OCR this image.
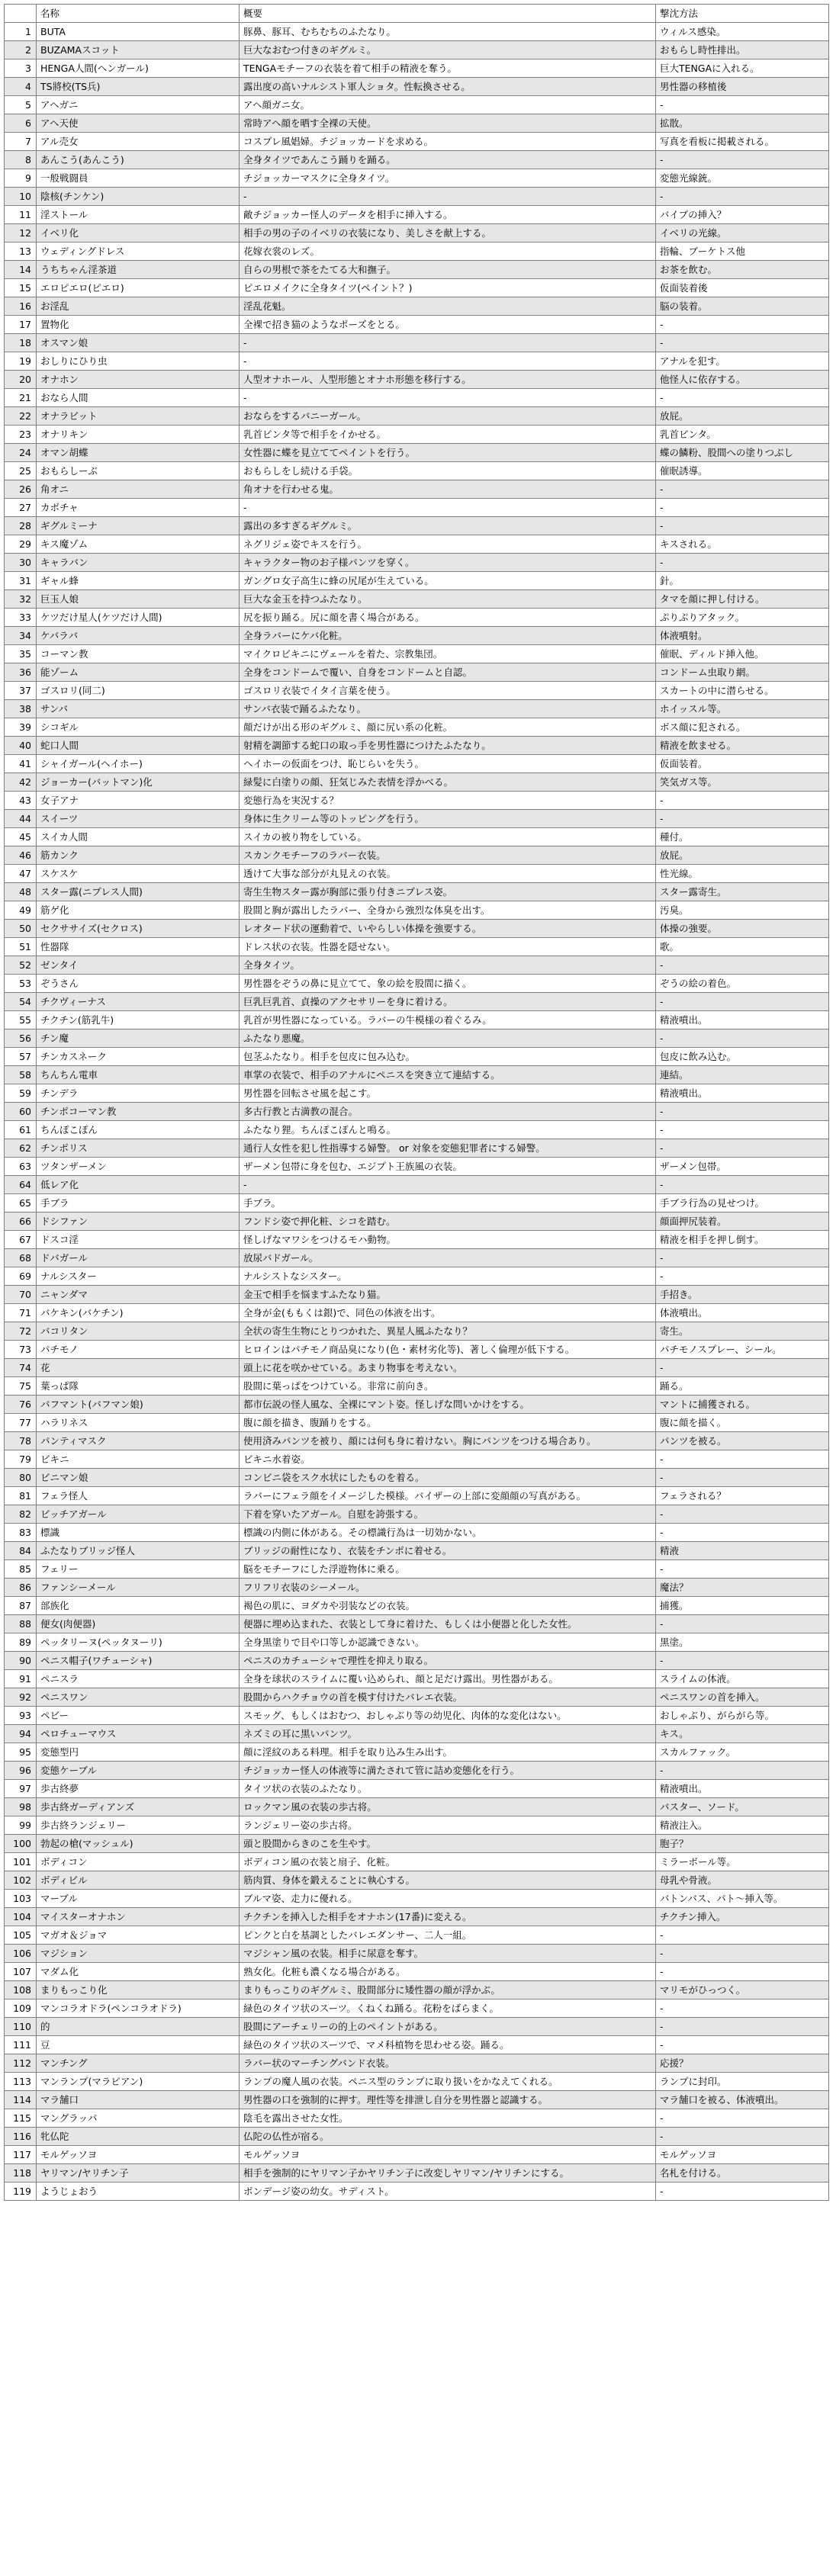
	名称	概要	撃沈方法
1	BUTA	豚鼻、豚耳、むちむちのふたなり。	ウィルス感染。
2	BUZAMAスコット	巨大なおむつ付きのギグルミ。	おもらし時性排出。
3	HENGA人間(ヘンガール)	TENGAモチーフの衣装を着て相手の精液を奪う。	巨大TENGAに入れる。
4	TS將校(TS兵)	露出度の高いナルシスト軍人ショタ。性転換させる。	男性器の移植後
5	アヘガニ	アヘ顔ガニ女。	-
6	アヘ天使	常時アヘ顔を晒す全裸の天使。	拡散。
7	アル売女	コスプレ風娼婦。チジョッカードを求める。	写真を看板に掲載される。
8	あんこう(あんこう)	全身タイツであんこう踊りを踊る。	-
9	一般戦闘員	チジョッカーマスクに全身タイツ。	変態光線銃。
10	陰核(チンケン)	-	-
11	淫ストール	敵チジョッカー怪人のデータを相手に挿入する。	バイブの挿入？
12	イベリ化	相手の男の子のイベリの衣装になり、美しさを献上する。	イベリの光線。
13	ウェディングドレス	花嫁衣裳のレズ。	指輪、ブーケトス他
14	うちちゃん淫茶道	自らの男根で茶をたてる大和撫子。	お茶を飲む。
15	エロピエロ(ピエロ)	ピエロメイクに全身タイツ(ペイント？)	仮面装着後
16	お淫乱	淫乱花魁。	脳の装着。
17	置物化	全裸で招き猫のようなポーズをとる。	-
18	オスマン娘	-	-
19	おしりにひり虫	-	アナルを犯す。
20	オナホン	人型オナホール、人型形態とオナホ形態を移行する。	他怪人に依存する。
21	おなら人間	-	-
22	オナラビット	おならをするバニーガール。	放屁。
23	オナリキン	乳首ビンタ等で相手をイかせる。	乳首ビンタ。
24	オマン胡蝶	女性器に蝶を見立ててペイントを行う。	蝶の鱗粉、股間への塗りつぶし
25	おもらしーぶ	おもらしをし続ける手袋。	催眠誘導。
26	角オニ	角オナを行わせる鬼。	-
27	カボチャ	-	-
28	ギグルミーナ	露出の多すぎるギグルミ。	-
29	キス魔ゾム	ネグリジェ姿でキスを行う。	キスされる。
30	キャラバン	キャラクター物のお子様パンツを穿く。	-
31	ギャル蜂	ガングロ女子高生に蜂の尻尾が生えている。	針。
32	巨玉人娘	巨大な金玉を持つふたなり。	タマを顔に押し付ける。
33	ケツだけ星人(ケツだけ人間)	尻を振り踊る。尻に顔を書く場合がある。	ぷりぷりアタック。
34	ケバラバ	全身ラバーにケバ化粧。	体液噴射。
35	コーマン教	マイクロビキニにヴェールを着た、宗教集団。	催眠、ディルド挿入他。
36	能ゾーム	全身をコンドームで覆い、自身をコンドームと自認。	コンドーム虫取り網。
37	ゴスロリ(同二)	ゴスロリ衣装でイタイ言葉を使う。	スカートの中に潜らせる。
38	サンバ	サンバ衣装で踊るふたなり。	ホイッスル等。
39	シコギル	顔だけが出る形のギグルミ、顔に尻い系の化粧。	ボス顔に犯される。
40	蛇口人間	射精を調節する蛇口の取っ手を男性器につけたふたなり。	精液を飲ませる。
41	シャイガール(ヘイホー)	ヘイホーの仮面をつけ、恥じらいを失う。	仮面装着。
42	ジョーカー(バットマン)化	緑髪に白塗りの顔、狂気じみた表情を浮かべる。	笑気ガス等。
43	女子アナ	変態行為を実況する？	-
44	スイーツ	身体に生クリーム等のトッピングを行う。	-
45	スイカ人間	スイカの被り物をしている。	種付。
46	筋カンク	スカンクモチーフのラバー衣装。	放屁。
47	スケスケ	透けて大事な部分が丸見えの衣装。	性光線。
48	スター露(ニプレス人間)	寄生生物スター露が胸部に張り付きニプレス姿。	スター露寄生。
49	筋ゲ化	股間と胸が露出したラバー、全身から強烈な体臭を出す。	汚臭。
50	セクササイズ(セクロス)	レオタード状の運動着で、いやらしい体操を強要する。	体操の強要。
51	性器隊	ドレス状の衣装。性器を隠せない。	歌。
52	ゼンタイ	全身タイツ。	-
53	ぞうさん	男性器をぞうの鼻に見立てて、象の絵を股間に描く。	ぞうの絵の着色。
54	チクヴィーナス	巨乳巨乳首、貞操のアクセサリーを身に着ける。	-
55	チクチン(筋乳牛)	乳首が男性器になっている。ラバーの牛模様の着ぐるみ。	精液噴出。
56	チン魔	ふたなり悪魔。	-
57	チンカスネーク	包茎ふたなり。相手を包皮に包み込む。	包皮に飲み込む。
58	ちんちん電車	車掌の衣装で、相手のアナルにペニスを突き立て連結する。	連結。
59	チンデラ	男性器を回転させ風を起こす。	精液噴出。
60	チンポコーマン教	多古行教と古満教の混合。	-
61	ちんぽこぽん	ふたなり狸。ちんぽこぽんと鳴る。	-
62	チンポリス	通行人女性を犯し性指導する婦警。 or 対象を変態犯罪者にする婦警。	-
63	ツタンザーメン	ザーメン包帯に身を包む、エジプト王族風の衣装。	ザーメン包帯。
64	低レア化	-	-
65	手ブラ	手ブラ。	手ブラ行為の見せつけ。
66	ドシファン	フンドシ姿で押化粧、シコを踏む。	顔面押尻装着。
67	ドスコ淫	怪しげなマワシをつけるモハ動物。	精液を相手を押し倒す。
68	ドバガール	放尿バドガール。	-
69	ナルシスター	ナルシストなシスター。	-
70	ニャンダマ	金玉で相手を悩ますふたなり猫。	手招き。
71	バケキン(バケチン)	全身が金(ももくは銀)で、同色の体液を出す。	体液噴出。
72	バコリタン	全状の寄生生物にとりつかれた、異星人風ふたなり？	寄生。
73	パチモノ	ヒロインはパチモノ商品臭になり(色・素材劣化等)、著しく倫理が低下する。	パチモノスプレー、シール。
74	花	頭上に花を咲かせている。あまり物事を考えない。	-
75	葉っぱ隊	股間に葉っぱをつけている。非常に前向き。	踊る。
76	バフマント(バフマン娘)	都市伝説の怪人風な、全裸にマント姿。怪しげな問いかけをする。	マントに捕獲される。
77	ハラリネス	腹に顔を描き、腹踊りをする。	腹に顔を描く。
78	パンティマスク	使用済みパンツを被り、顔には何も身に着けない。胸にパンツをつける場合あり。	パンツを被る。
79	ビキニ	ビキニ水着姿。	-
80	ビニマン娘	コンビニ袋をスク水状にしたものを着る。	-
81	フェラ怪人	ラバーにフェラ顔をイメージした模様。バイザーの上部に変顔顔の写真がある。	フェラされる？
82	ビッチアガール	下着を穿いたアガール。自慰を誇張する。	-
83	標識	標識の内側に体がある。その標識行為は一切効かない。	-
84	ふたなりブリッジ怪人	ブリッジの耐性になり、衣装をチンポに着せる。	精液
85	フェリー	脳をモチーフにした浮遊物体に乗る。	-
86	ファンシーメール	フリフリ衣装のシーメール。	魔法？
87	部族化	褐色の肌に、ヨダカや羽装などの衣装。	捕獲。
88	便女(肉便器)	便器に埋め込まれた、衣装として身に着けた、もしくは小便器と化した女性。	-
89	ペッタリーヌ(ペッタヌーリ)	全身黒塗りで目や口等しか認識できない。	黒塗。
90	ペニス帽子(ワチューシャ)	ペニスのカチューシャで理性を抑えり取る。	-
91	ペニスラ	全身を球状のスライムに覆い込められ、顔と足だけ露出。男性器がある。	スライムの体液。
92	ペニスワン	股間からハクチョウの首を模す付けたバレエ衣装。	ペニスワンの首を挿入。
93	ペビー	スモッグ、もしくはおむつ、おしゃぶり等の幼児化、肉体的な変化はない。	おしゃぶり、がらがら等。
94	ペロチューマウス	ネズミの耳に黒いパンツ。	キス。
95	変態型円	顔に淫紋のある料理。相手を取り込み生み出す。	スカルファック。
96	変態ケーブル	チジョッカー怪人の体液等に満たされて管に詰め変態化を行う。	-
97	歩古終夢	タイツ状の衣装のふたなり。	精液噴出。
98	歩古終ガーディアンズ	ロックマン風の衣装の歩古将。	バスター、ソード。
99	歩古終ランジェリー	ランジェリー姿の歩古将。	精液注入。
100	勃起の槍(マッシュル)	頭と股間からきのこを生やす。	胞子？
101	ボディコン	ボディコン風の衣装と扇子、化粧。	ミラーボール等。
102	ボディビル	筋肉質、身体を鍛えることに執心する。	母乳や骨液。
103	マーブル	ブルマ姿、走力に優れる。	バトンバス、パト～挿入等。
104	マイスターオナホン	チクチンを挿入した相手をオナホン(17番)に変える。	チクチン挿入。
105	マガオ＆ジョマ	ピンクと白を基調としたバレエダンサー、二人一組。	-
106	マジション	マジシャン風の衣装。相手に尿意を奪す。	-
107	マダム化	熟女化。化粧も濃くなる場合がある。	-
108	まりもっこり化	まりもっこりのギグルミ、股間部分に矮性器の顔が浮かぶ。	マリモがひっつく。
109	マンコラオドラ(ペンコラオドラ)	緑色のタイツ状のスーツ。くねくね踊る。花粉をばらまく。	-
110	的	股間にアーチェリーの的上のペイントがある。	-
111	豆	緑色のタイツ状のスーツで、マメ科植物を思わせる姿。踊る。	-
112	マンチング	ラバー状のマーチングバンド衣装。	応援？
113	マンランプ(マラピアン)	ランプの魔人風の衣装。ペニス型のランプに取り扱いをかなえてくれる。	ランプに封印。
114	マラ舗口	男性器の口を強制的に押す。理性等を排泄し自分を男性器と認識する。	マラ舗口を被る、体液噴出。
115	マングラッパ	陰毛を露出させた女性。	-
116	牝仏陀	仏陀の仏性が宿る。	-
117	モルゲッソヨ	モルゲッソヨ	モルゲッソヨ
118	ヤリマン/ヤリチン子	相手を強制的にヤリマン子かヤリチン子に改変しヤリマン/ヤリチンにする。	名札を付ける。
119	ようじょおう	ボンデージ姿の幼女。サディスト。	-
